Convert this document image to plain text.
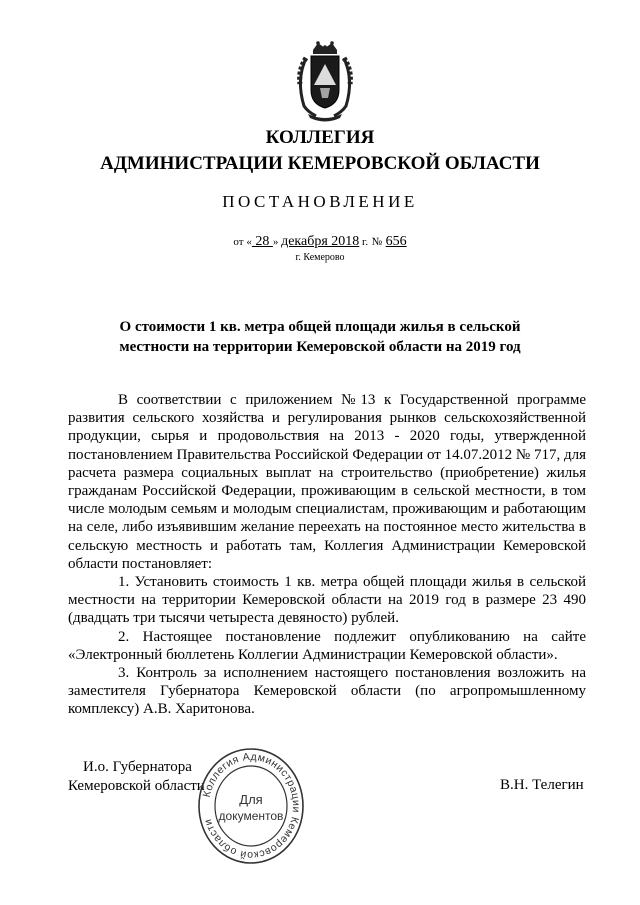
КОЛЛЕГИЯ
АДМИНИСТРАЦИИ КЕМЕРОВСКОЙ ОБЛАСТИ
ПОСТАНОВЛЕНИЕ
от « 28 » декабря 2018 г. № 656
г. Кемерово
О стоимости 1 кв. метра общей площади жилья в сельской
местности на территории Кемеровской области на 2019 год

В соответствии с приложением №13 к Государственной программе развития сельского хозяйства и регулирования рынков сельскохозяйственной продукции, сырья и продовольствия на 2013 - 2020 годы, утвержденной постановлением Правительства Российской Федерации от 14.07.2012 № 717, для расчета размера социальных выплат на строительство (приобретение) жилья гражданам Российской Федерации, проживающим в сельской местности, в том числе молодым семьям и молодым специалистам, проживающим и работающим на селе, либо изъявившим желание переехать на постоянное место жительства в сельскую местность и работать там, Коллегия Администрации Кемеровской области постановляет:

1. Установить стоимость 1 кв. метра общей площади жилья в сельской местности на территории Кемеровской области на 2019 год в размере 23 490 (двадцать три тысячи четыреста девяносто) рублей.

2. Настоящее постановление подлежит опубликованию на сайте «Электронный бюллетень Коллегии Администрации Кемеровской области».

3. Контроль за исполнением настоящего постановления возложить на заместителя Губернатора Кемеровской области (по агропромышленному комплексу) А.В. Харитонова.

И.о. Губернатора
Кемеровской области	В.Н. Телегин
Коллегия Администрации Кемеровской области
Для
документов
